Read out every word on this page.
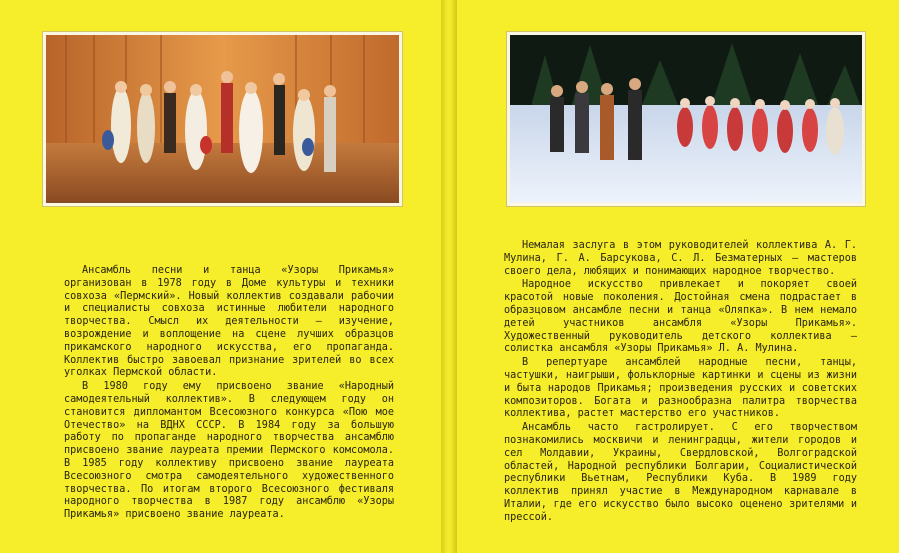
Ансамбль песни и танца «Узоры Прикамья» организован в 1978 году в Доме культуры и техники совхоза «Пермский». Новый коллектив создавали рабочии и специалисты совхоза истинные любители народного творчества. Смысл их деятельности — изучение, возрождение и воплощение на сцене лучших образцов прикамского народного искусства, его пропаганда. Коллектив быстро завоевал признание зрителей во всех уголках Пермской области.

В 1980 году ему присвоено звание «Народный самодеятельный коллектив». В следующем году он становится дипломантом Всесоюзного конкурса «Пою мое Отечество» на ВДНХ СССР. В 1984 году за большую работу по пропаганде народного творчества ансамблю присвоено звание лауреата премии Пермского комсомола. В 1985 году коллективу присвоено звание лауреата Всесоюзного смотра самодеятельного художественного творчества. По итогам второго Всесоюзного фестиваля народного творчества в 1987 году ансамблю «Узоры Прикамья» присвоено звание лауреата.

Немалая заслуга в этом руководителей коллектива А. Г. Мулина, Г. А. Барсукова, С. Л. Безматерных — мастеров своего дела, любящих и понимающих народное творчество.

Народное искусство привлекает и покоряет своей красотой новые поколения. Достойная смена подрастает в образцовом ансамбле песни и танца «Оляпка». В нем немало детей участников ансамбля «Узоры Прикамья». Художественный руководитель детского коллектива — солистка ансамбля «Узоры Прикамья» Л. А. Мулина.

В репертуаре ансамблей народные песни, танцы, частушки, наигрыши, фольклорные картинки и сцены из жизни и быта народов Прикамья; произведения русских и советских композиторов. Богата и разнообразна палитра творчества коллектива, растет мастерство его участников.

Ансамбль часто гастролирует. С его творчеством познакомились москвичи и ленинградцы, жители городов и сел Молдавии, Украины, Свердловской, Волгоградской областей, Народной республики Болгарии, Социалистической республики Вьетнам, Республики Куба. В 1989 году коллектив принял участие в Международном карнавале в Италии, где его искусство было высоко оценено зрителями и прессой.
